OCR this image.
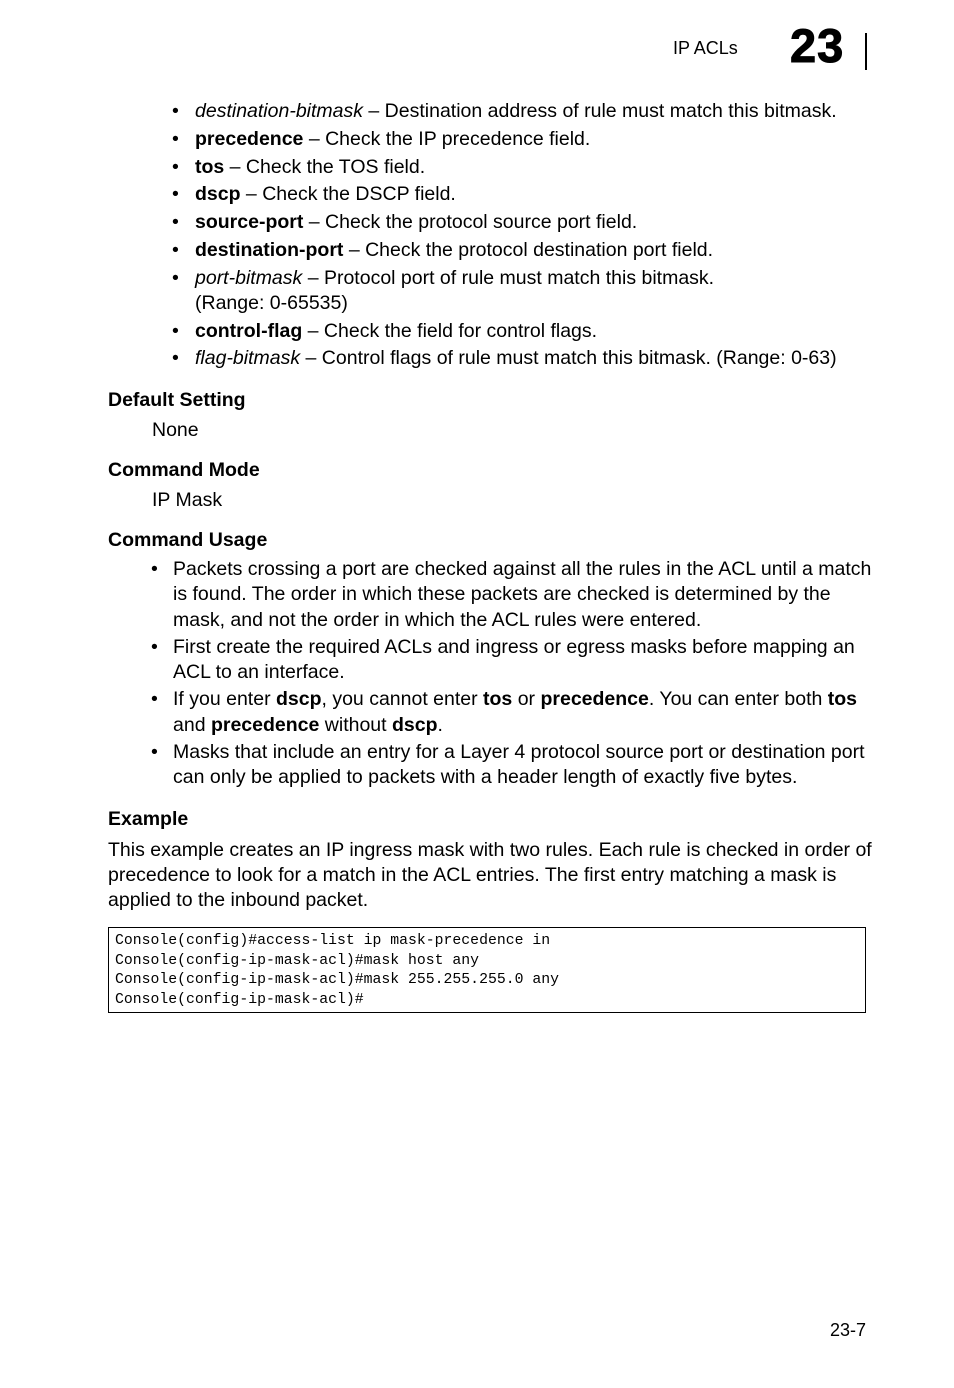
IP ACLs 23
• destination-bitmask – Destination address of rule must match this bitmask.
• precedence – Check the IP precedence field.
• tos – Check the TOS field.
• dscp – Check the DSCP field.
• source-port – Check the protocol source port field.
• destination-port – Check the protocol destination port field.
• port-bitmask – Protocol port of rule must match this bitmask.
(Range: 0-65535)
• control-flag – Check the field for control flags.
• flag-bitmask – Control flags of rule must match this bitmask. (Range: 0-63)
Default Setting
None
Command Mode
IP Mask
Command Usage
• Packets crossing a port are checked against all the rules in the ACL until a match is found. The order in which these packets are checked is determined by the mask, and not the order in which the ACL rules were entered.
• First create the required ACLs and ingress or egress masks before mapping an ACL to an interface.
• If you enter dscp, you cannot enter tos or precedence. You can enter both tos and precedence without dscp.
• Masks that include an entry for a Layer 4 protocol source port or destination port can only be applied to packets with a header length of exactly five bytes.
Example

This example creates an IP ingress mask with two rules. Each rule is checked in order of precedence to look for a match in the ACL entries. The first entry matching a mask is applied to the inbound packet.

Console(config)#access-list ip mask-precedence in
Console(config-ip-mask-acl)#mask host any
Console(config-ip-mask-acl)#mask 255.255.255.0 any
Console(config-ip-mask-acl)#
23-7
